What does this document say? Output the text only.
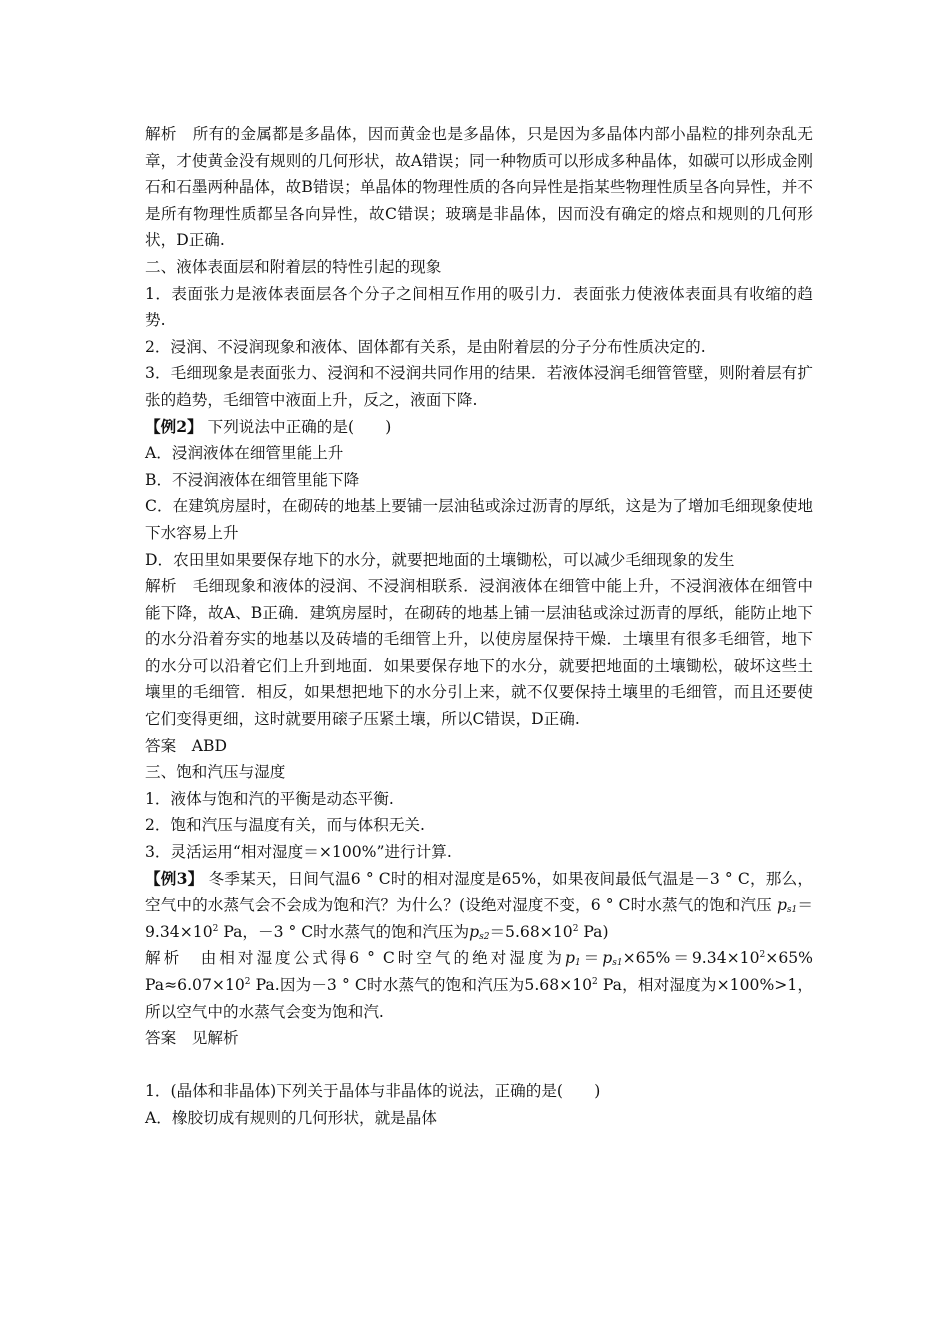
解析　所有的金属都是多晶体，因而黄金也是多晶体，只是因为多晶体内部小晶粒的排列杂乱无章，才使黄金没有规则的几何形状，故A错误；同一种物质可以形成多种晶体，如碳可以形成金刚石和石墨两种晶体，故B错误；单晶体的物理性质的各向异性是指某些物理性质呈各向异性，并不是所有物理性质都呈各向异性，故C错误；玻璃是非晶体，因而没有确定的熔点和规则的几何形状，D正确.

二、液体表面层和附着层的特性引起的现象

1．表面张力是液体表面层各个分子之间相互作用的吸引力．表面张力使液体表面具有收缩的趋势.

2．浸润、不浸润现象和液体、固体都有关系，是由附着层的分子分布性质决定的.

3．毛细现象是表面张力、浸润和不浸润共同作用的结果．若液体浸润毛细管管壁，则附着层有扩张的趋势，毛细管中液面上升，反之，液面下降.

【例2】 下列说法中正确的是(　　)

A．浸润液体在细管里能上升

B．不浸润液体在细管里能下降

C．在建筑房屋时，在砌砖的地基上要铺一层油毡或涂过沥青的厚纸，这是为了增加毛细现象使地下水容易上升

D．农田里如果要保存地下的水分，就要把地面的土壤锄松，可以减少毛细现象的发生

解析　毛细现象和液体的浸润、不浸润相联系．浸润液体在细管中能上升，不浸润液体在细管中能下降，故A、B正确．建筑房屋时，在砌砖的地基上铺一层油毡或涂过沥青的厚纸，能防止地下的水分沿着夯实的地基以及砖墙的毛细管上升，以使房屋保持干燥．土壤里有很多毛细管，地下的水分可以沿着它们上升到地面．如果要保存地下的水分，就要把地面的土壤锄松，破坏这些土壤里的毛细管．相反，如果想把地下的水分引上来，就不仅要保持土壤里的毛细管，而且还要使它们变得更细，这时就要用磙子压紧土壤，所以C错误，D正确.

答案　ABD

三、饱和汽压与湿度

1．液体与饱和汽的平衡是动态平衡.

2．饱和汽压与温度有关，而与体积无关.

3．灵活运用“相对湿度＝×100%”进行计算.

【例3】 冬季某天，日间气温6 ° C时的相对湿度是65%，如果夜间最低气温是－3 ° C，那么，空气中的水蒸气会不会成为饱和汽？为什么？(设绝对湿度不变，6 ° C时水蒸气的饱和汽压 $p_{s1}=9.34\times 10^2$ Pa，－3 ° C时水蒸气的饱和汽压为$p_{s2}=5.68\times 10^2$ Pa)

解析　由相对湿度公式得6 ° C时空气的绝对湿度为$p_1=p_{s1}\times 65\%=9.34\times 10^2\times 65\%$ $Pa\approx 6.07\times 10^2$ Pa.因为－3 ° C时水蒸气的饱和汽压为$5.68\times 10^2$ Pa，相对湿度为×100%>1，所以空气中的水蒸气会变为饱和汽.

答案　见解析

1．(晶体和非晶体)下列关于晶体与非晶体的说法，正确的是(　　)

A．橡胶切成有规则的几何形状，就是晶体
